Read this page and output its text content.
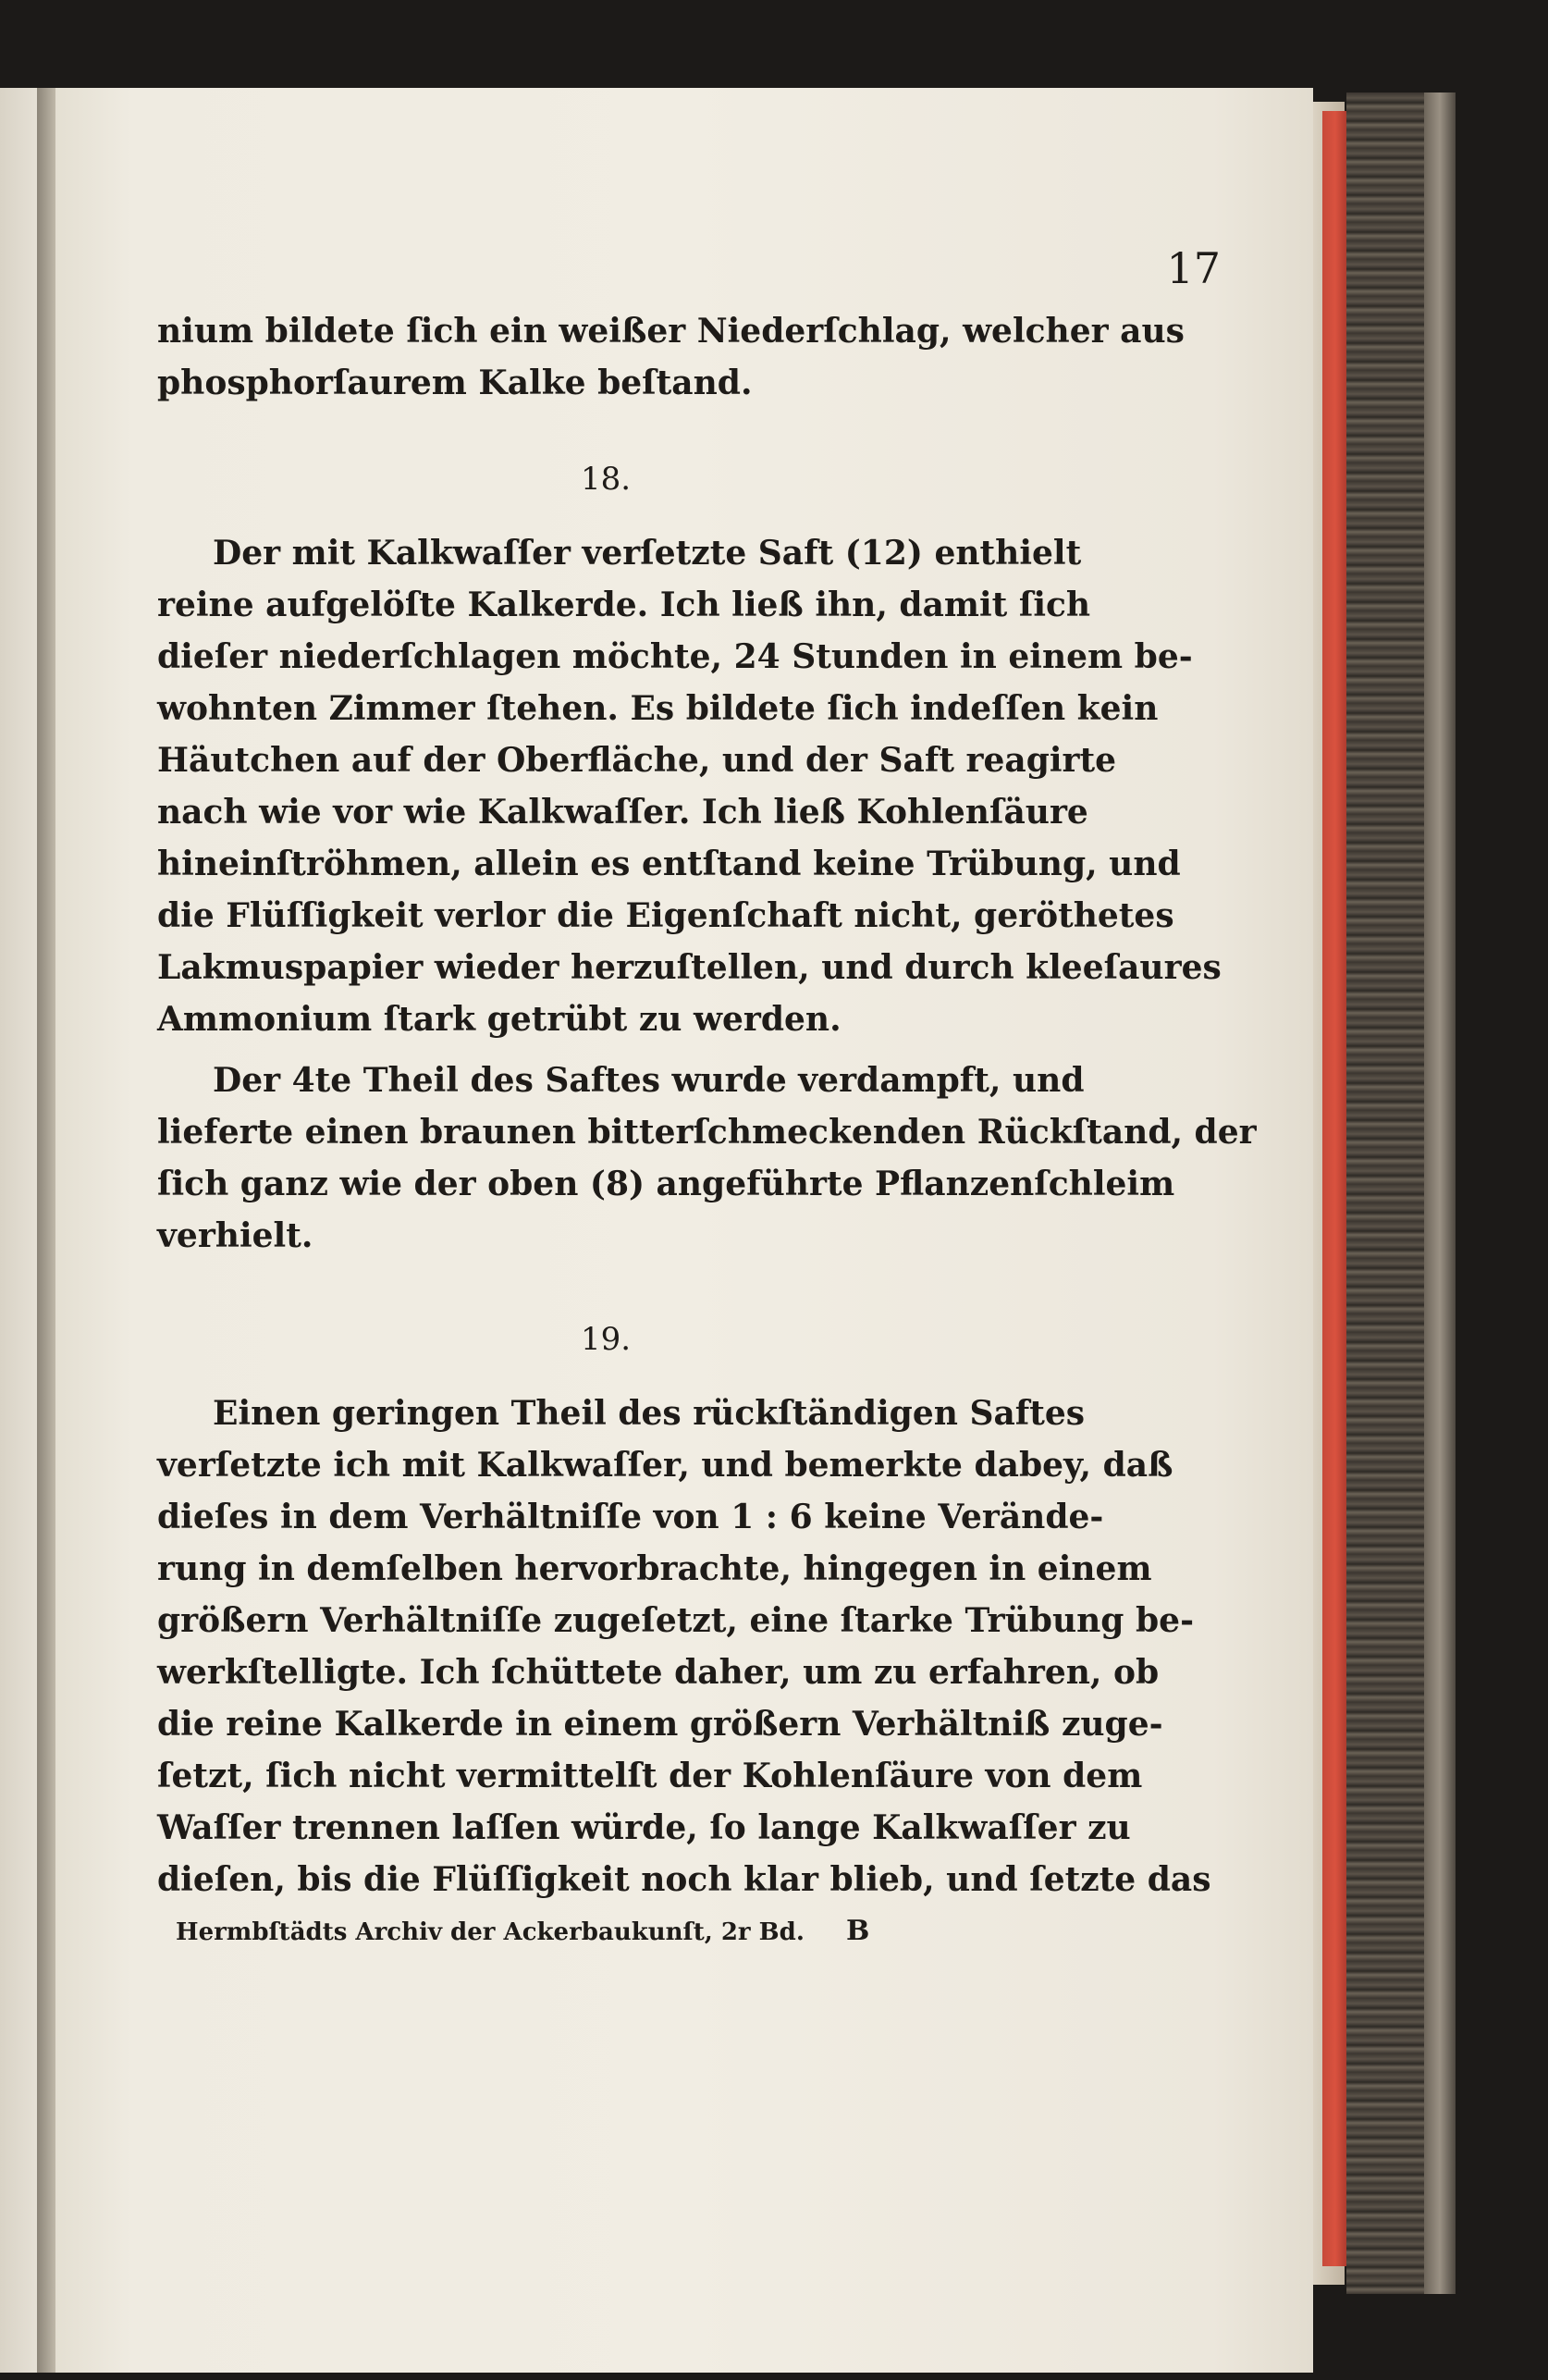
17
nium bildete ſich ein weißer Niederſchlag, welcher aus
phosphorſaurem Kalke beſtand.
18.
Der mit Kalkwaſſer verſetzte Saft (12) enthielt
reine aufgelöſte Kalkerde. Ich ließ ihn, damit ſich
dieſer niederſchlagen möchte, 24 Stunden in einem be-
wohnten Zimmer ſtehen. Es bildete ſich indeſſen kein
Häutchen auf der Oberfläche, und der Saft reagirte
nach wie vor wie Kalkwaſſer. Ich ließ Kohlenſäure
hineinſtröhmen, allein es entſtand keine Trübung, und
die Flüſſigkeit verlor die Eigenſchaft nicht, geröthetes
Lakmuspapier wieder herzuſtellen, und durch kleeſaures
Ammonium ſtark getrübt zu werden.
Der 4te Theil des Saftes wurde verdampft, und
lieferte einen braunen bitterſchmeckenden Rückſtand, der
ſich ganz wie der oben (8) angeführte Pflanzenſchleim
verhielt.
19.
Einen geringen Theil des rückſtändigen Saftes
verſetzte ich mit Kalkwaſſer, und bemerkte dabey, daß
dieſes in dem Verhältniſſe von 1 : 6 keine Verände-
rung in demſelben hervorbrachte, hingegen in einem
größern Verhältniſſe zugeſetzt, eine ſtarke Trübung be-
werkſtelligte. Ich ſchüttete daher, um zu erfahren, ob
die reine Kalkerde in einem größern Verhältniß zuge-
ſetzt, ſich nicht vermittelſt der Kohlenſäure von dem
Waſſer trennen laſſen würde, ſo lange Kalkwaſſer zu
dieſen, bis die Flüſſigkeit noch klar blieb, und ſetzte das
Hermbſtädts Archiv der Ackerbaukunſt, 2r Bd. B
